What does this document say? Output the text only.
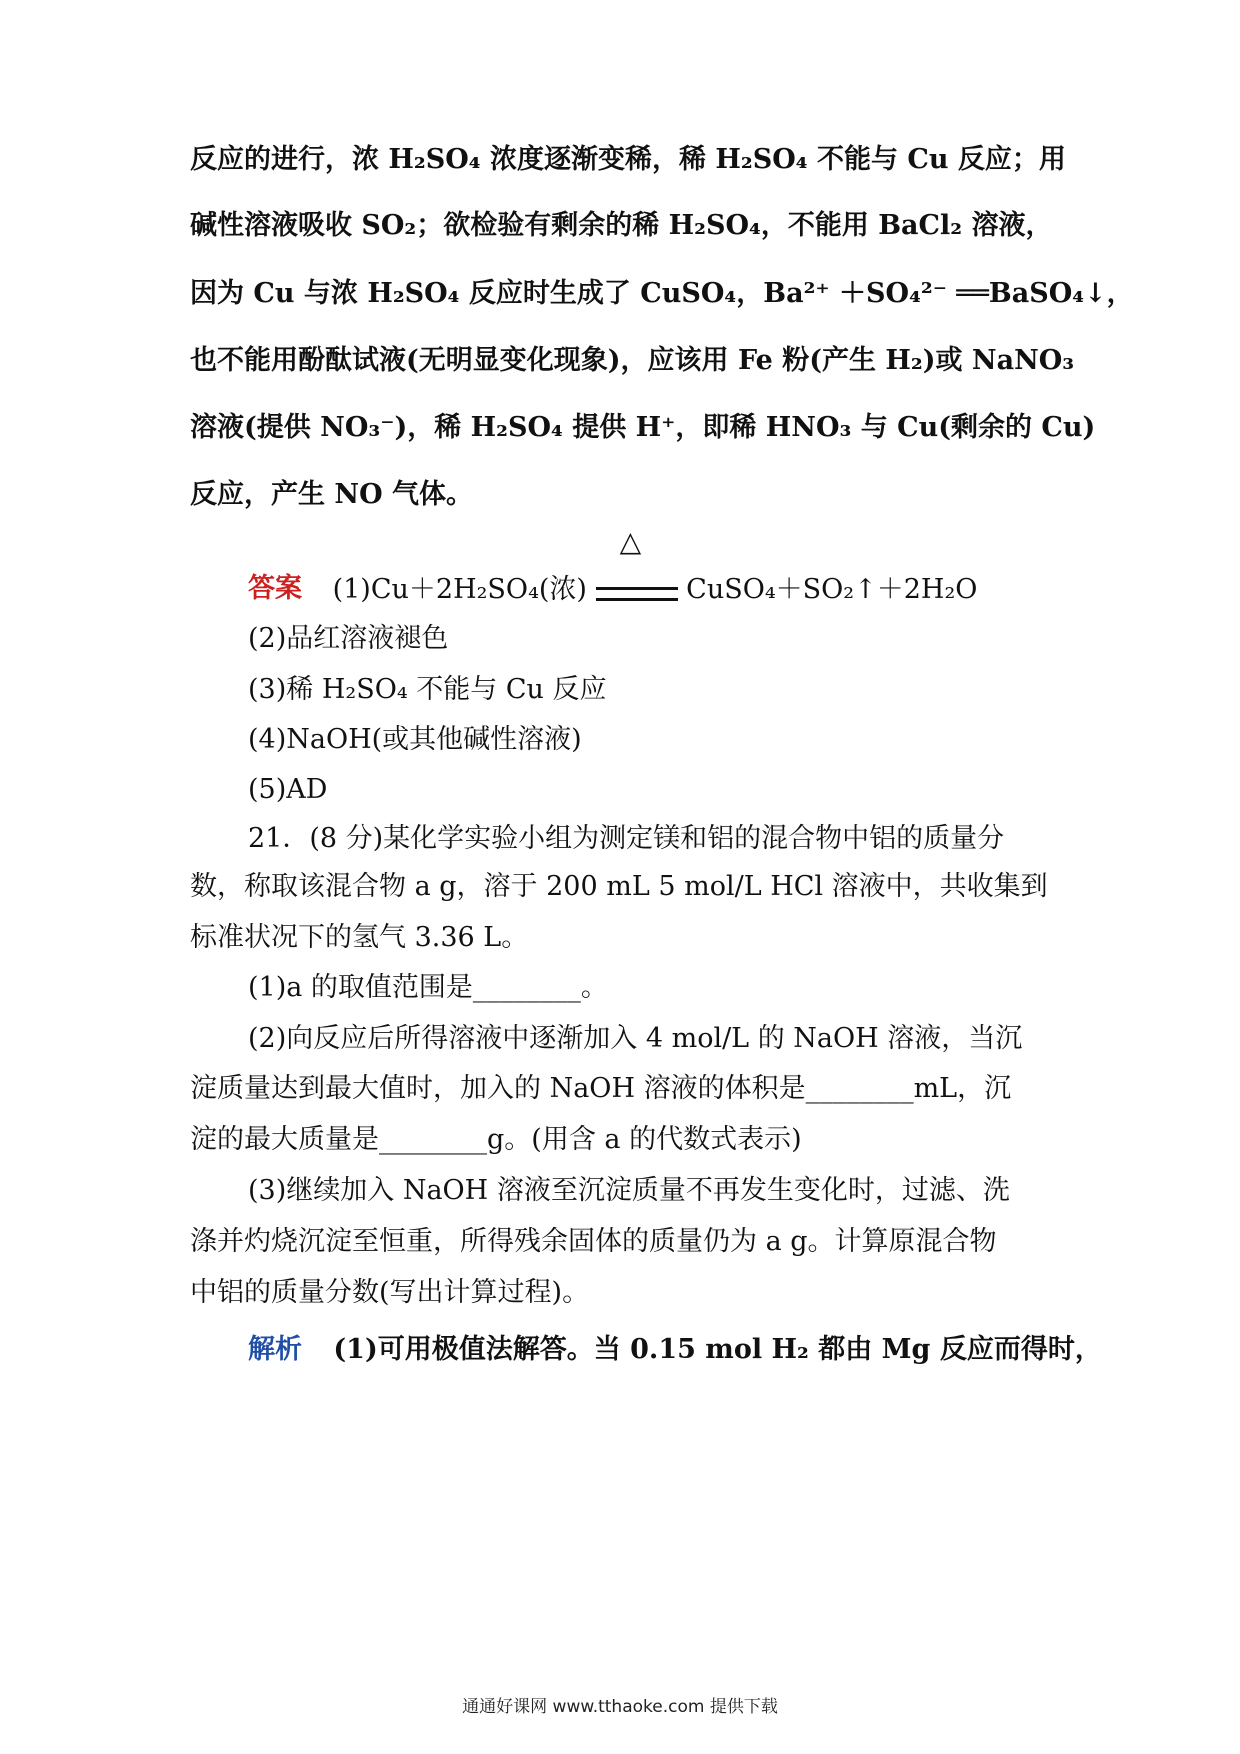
反应的进行，浓 H₂SO₄ 浓度逐渐变稀，稀 H₂SO₄ 不能与 Cu 反应；用
碱性溶液吸收 SO₂；欲检验有剩余的稀 H₂SO₄，不能用 BaCl₂ 溶液，
因为 Cu 与浓 H₂SO₄ 反应时生成了 CuSO₄，Ba²⁺ ＋SO₄²⁻ ══BaSO₄↓，
也不能用酚酞试液(无明显变化现象)，应该用 Fe 粉(产生 H₂)或 NaNO₃
溶液(提供 NO₃⁻)，稀 H₂SO₄ 提供 H⁺，即稀 HNO₃ 与 Cu(剩余的 Cu)
反应，产生 NO 气体。
答案 (1)Cu＋2H₂SO₄(浓)
△
CuSO₄＋SO₂↑＋2H₂O
(2)品红溶液褪色
(3)稀 H₂SO₄ 不能与 Cu 反应
(4)NaOH(或其他碱性溶液)
(5)AD
21．(8 分)某化学实验小组为测定镁和铝的混合物中铝的质量分
数，称取该混合物 a g，溶于 200 mL 5 mol/L HCl 溶液中，共收集到
标准状况下的氢气 3.36 L。
(1)a 的取值范围是________。
(2)向反应后所得溶液中逐渐加入 4 mol/L 的 NaOH 溶液，当沉
淀质量达到最大值时，加入的 NaOH 溶液的体积是________mL，沉
淀的最大质量是________g。(用含 a 的代数式表示)
(3)继续加入 NaOH 溶液至沉淀质量不再发生变化时，过滤、洗
涤并灼烧沉淀至恒重，所得残余固体的质量仍为 a g。计算原混合物
中铝的质量分数(写出计算过程)。
解析 (1)可用极值法解答。当 0.15 mol H₂ 都由 Mg 反应而得时，
通通好课网 www.tthaoke.com 提供下载
